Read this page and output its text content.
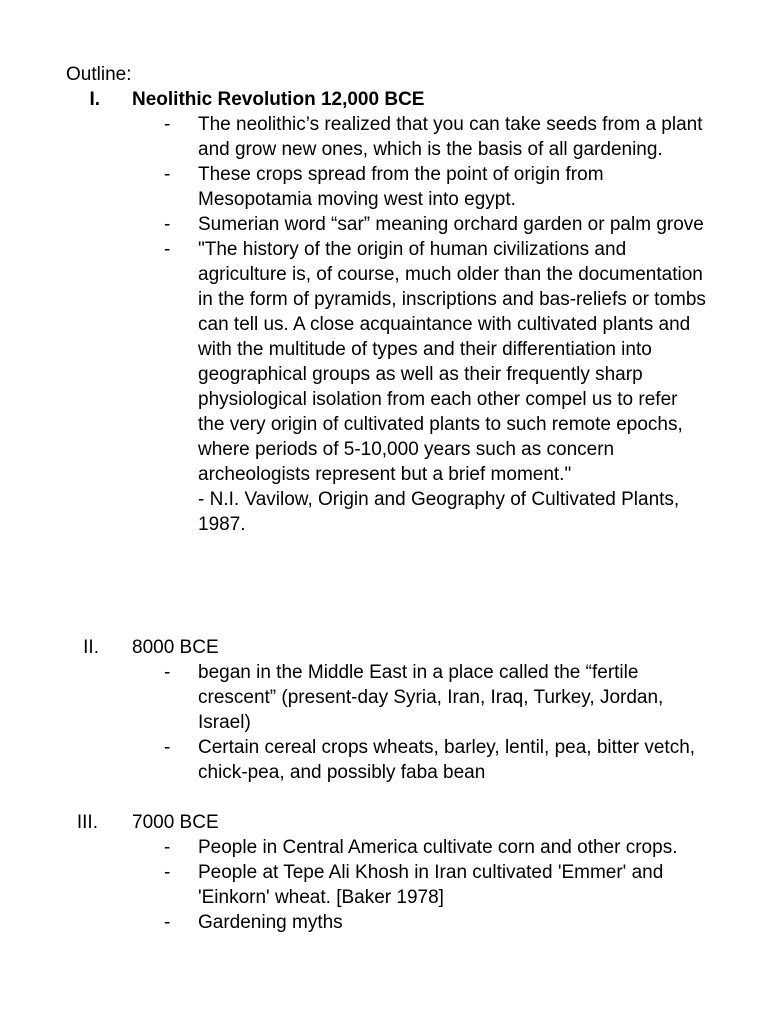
Outline:
I. Neolithic Revolution 12,000 BCE
- The neolithic’s realized that you can take seeds from a plant and grow new ones, which is the basis of all gardening.
- These crops spread from the point of origin from Mesopotamia moving west into egypt.
- Sumerian word “sar” meaning orchard garden or palm grove
- "The history of the origin of human civilizations and agriculture is, of course, much older than the documentation in the form of pyramids, inscriptions and bas-reliefs or tombs can tell us. A close acquaintance with cultivated plants and with the multitude of types and their differentiation into geographical groups as well as their frequently sharp physiological isolation from each other compel us to refer the very origin of cultivated plants to such remote epochs, where periods of 5-10,000 years such as concern archeologists represent but a brief moment."
- N.I. Vavilow, Origin and Geography of Cultivated Plants, 1987.
II. 8000 BCE
- began in the Middle East in a place called the “fertile crescent” (present-day Syria, Iran, Iraq, Turkey, Jordan, Israel)
- Certain cereal crops wheats, barley, lentil, pea, bitter vetch, chick-pea, and possibly faba bean
III. 7000 BCE
- People in Central America cultivate corn and other crops.
- People at Tepe Ali Khosh in Iran cultivated 'Emmer' and 'Einkorn' wheat. [Baker 1978]
- Gardening myths
